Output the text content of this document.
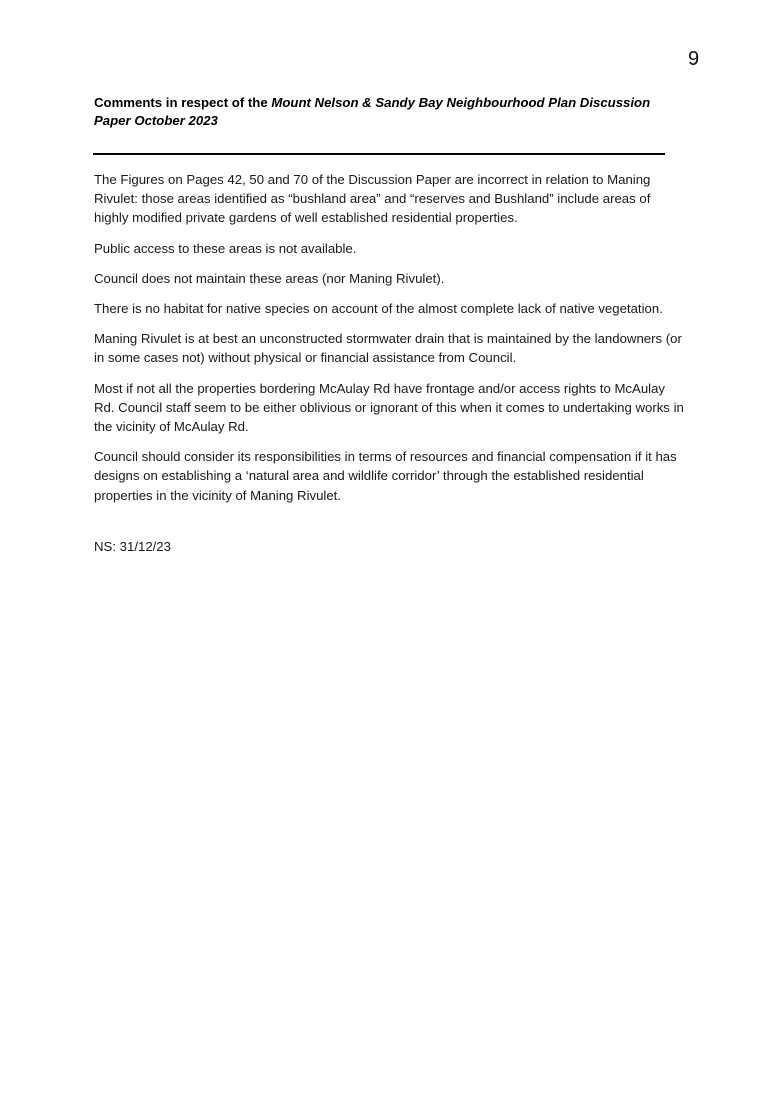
9
Comments in respect of the Mount Nelson & Sandy Bay Neighbourhood Plan Discussion Paper October 2023

The Figures on Pages 42, 50 and 70 of the Discussion Paper are incorrect in relation to Maning Rivulet: those areas identified as “bushland area” and “reserves and Bushland” include areas of highly modified private gardens of well established residential properties.

Public access to these areas is not available.

Council does not maintain these areas (nor Maning Rivulet).

There is no habitat for native species on account of the almost complete lack of native vegetation.

Maning Rivulet is at best an unconstructed stormwater drain that is maintained by the landowners (or in some cases not) without physical or financial assistance from Council.

Most if not all the properties bordering McAulay Rd have frontage and/or access rights to McAulay Rd. Council staff seem to be either oblivious or ignorant of this when it comes to undertaking works in the vicinity of McAulay Rd.

Council should consider its responsibilities in terms of resources and financial compensation if it has designs on establishing a ‘natural area and wildlife corridor’ through the established residential properties in the vicinity of Maning Rivulet.

NS: 31/12/23
